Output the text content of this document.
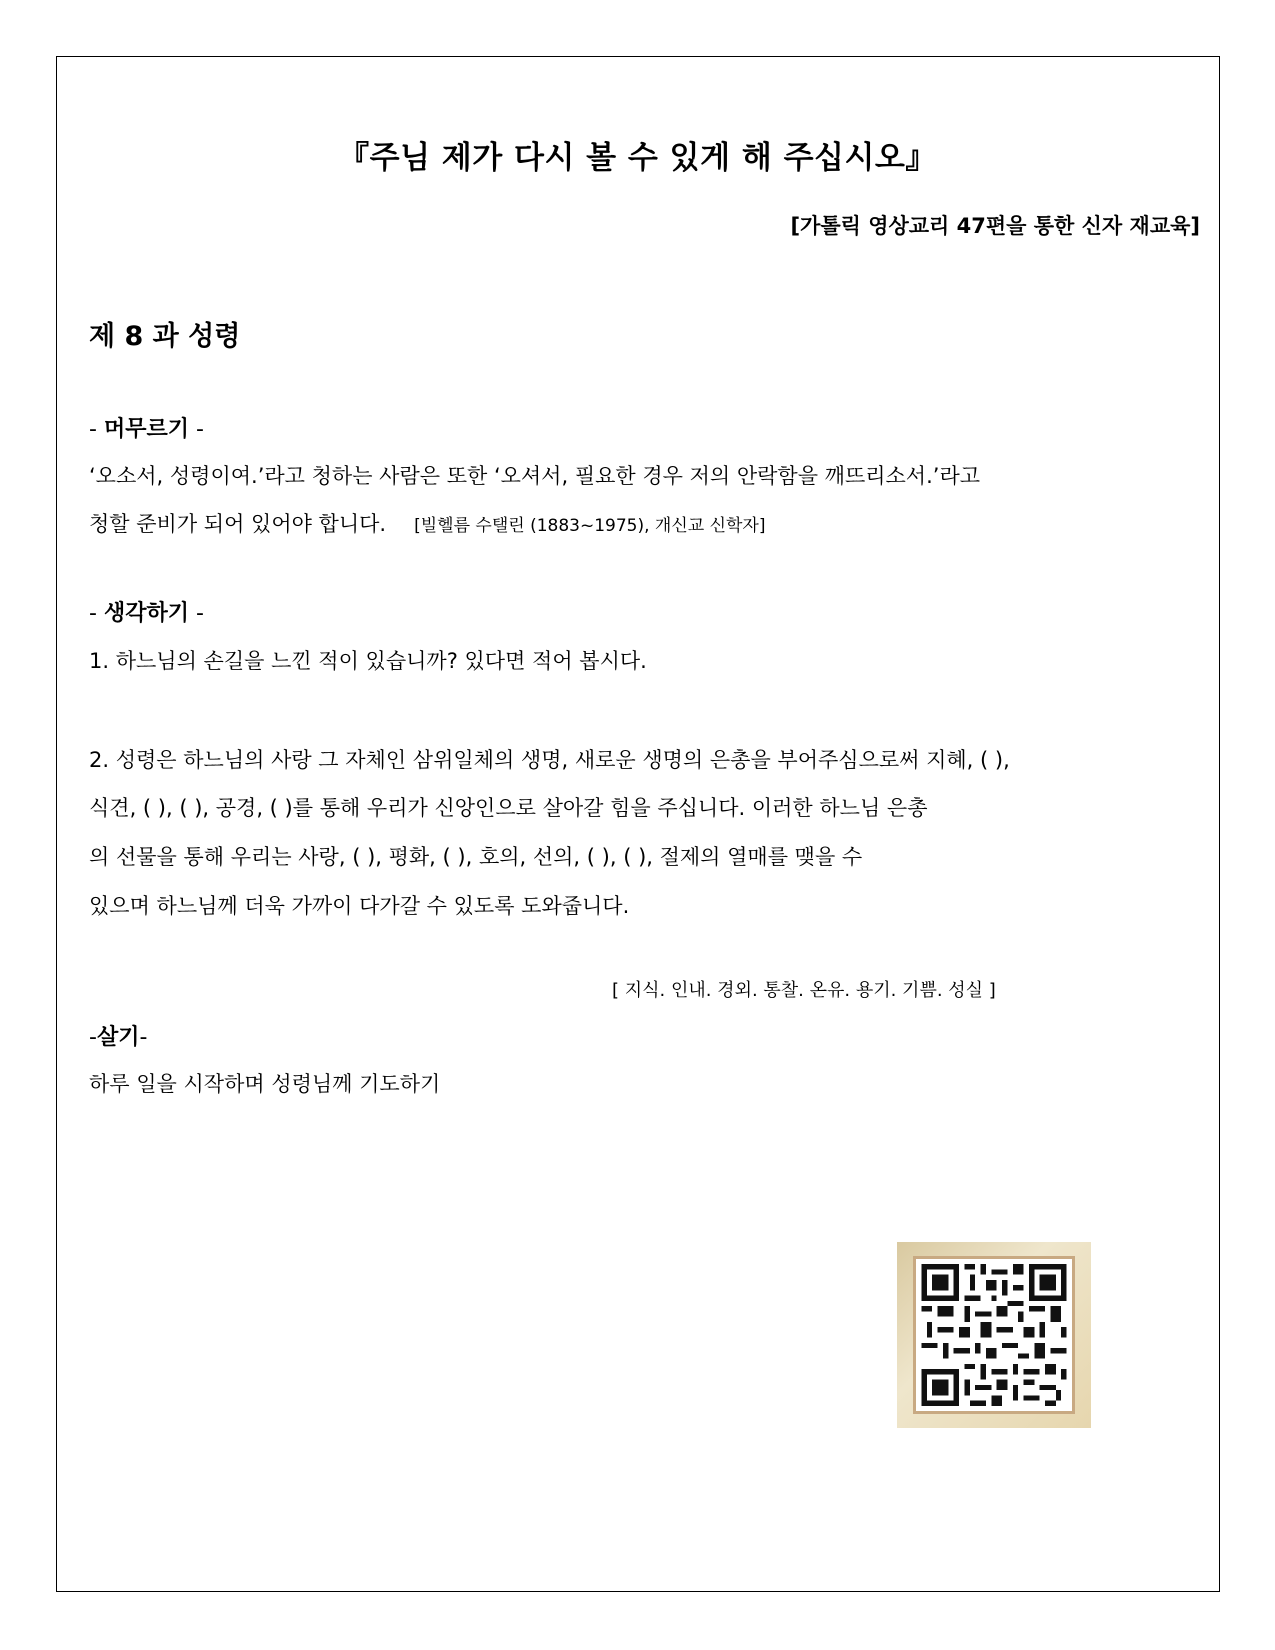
『주님 제가 다시 볼 수 있게 해 주십시오』
[가톨릭 영상교리 47편을 통한 신자 재교육]
제 8 과 성령
- 머무르기 -
‘오소서, 성령이여.’라고 청하는 사람은 또한 ‘오셔서, 필요한 경우 저의 안락함을 깨뜨리소서.’라고
청할 준비가 되어 있어야 합니다. [빌헬름 수탤린 (1883~1975), 개신교 신학자]
- 생각하기 -
1. 하느님의 손길을 느낀 적이 있습니까? 있다면 적어 봅시다.
2. 성령은 하느님의 사랑 그 자체인 삼위일체의 생명, 새로운 생명의 은총을 부어주심으로써 지혜, ( ),
식견, ( ), ( ), 공경, ( )를 통해 우리가 신앙인으로 살아갈 힘을 주십니다. 이러한 하느님 은총
의 선물을 통해 우리는 사랑, ( ), 평화, ( ), 호의, 선의, ( ), ( ), 절제의 열매를 맺을 수
있으며 하느님께 더욱 가까이 다가갈 수 있도록 도와줍니다.
[ 지식. 인내. 경외. 통찰. 온유. 용기. 기쁨. 성실 ]
-살기-
하루 일을 시작하며 성령님께 기도하기
